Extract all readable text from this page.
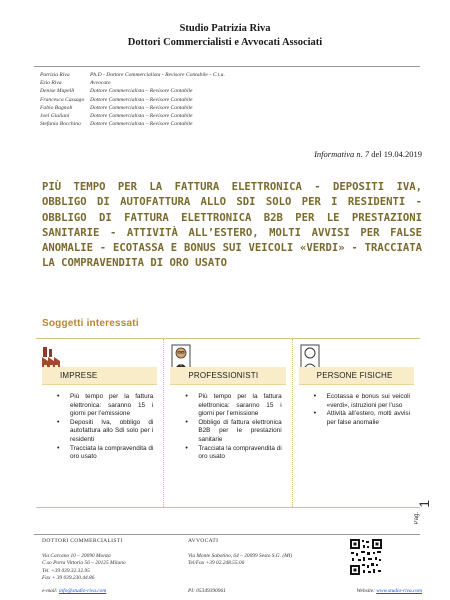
Studio Patrizia Riva
Dottori Commercialisti e Avvocati Associati
Patrizia Riva	Ph.D - Dottore Commercialista - Revisore Contabile - C.t.u.
Ezio Riva	Avvocato
Denise Mapelli	Dottore Commercialista – Revisore Contabile
Francesca Cassago	Dottore Commercialista – Revisore Contabile
Fabio Bagnoli	Dottore Commercialista – Revisore Contabile
Joel Giuliani	Dottore Commercialista – Revisore Contabile
Stefania Bocchino	Dottore Commercialista – Revisore Contabile
Informativa n. 7 del 19.04.2019
PIÙ TEMPO PER LA FATTURA ELETTRONICA - DEPOSITI IVA, OBBLIGO DI AUTOFATTURA ALLO SDI SOLO PER I RESIDENTI - OBBLIGO DI FATTURA ELETTRONICA B2B PER LE PRESTAZIONI SANITARIE - ATTIVITÀ ALL’ESTERO, MOLTI AVVISI PER FALSE ANOMALIE - ECOTASSA E BONUS SUI VEICOLI «VERDI» - TRACCIATA LA COMPRAVENDITA DI ORO USATO
Soggetti interessati
IMPRESE
• Più tempo per la fattura elettronica: saranno 15 i giorni per l’emissione
• Depositi Iva, obbligo di autofattura allo Sdi solo per i residenti
• Tracciata la compravendita di oro usato
PROFESSIONISTI
• Più tempo per la fattura elettronica: saranno 15 i giorni per l’emissione
• Obbligo di fattura elettronica B2B per le prestazioni sanitarie
• Tracciata la compravendita di oro usato
PERSONE FISICHE
• Ecotassa e bonus sui veicoli «verdi», istruzioni per l’uso
• Attività all’estero, molti avvisi per false anomalie
1
Pag.
DOTTORI COMMERCIALISTI
Via Carcano 10 – 20090 Monza
C.so Porta Vittoria 56 – 20125 Milano
Tel. +39 039.32.32.95
Fax + 39 039.230.44.86
AVVOCATI
Via Monte Sabotino, 64 – 20099 Sesto S.G. (MI)
Tel/Fax +39 02.248.55.06
e-mail: info@studio-riva.com	PI: 05349390961	Website: www.studio-riva.com
